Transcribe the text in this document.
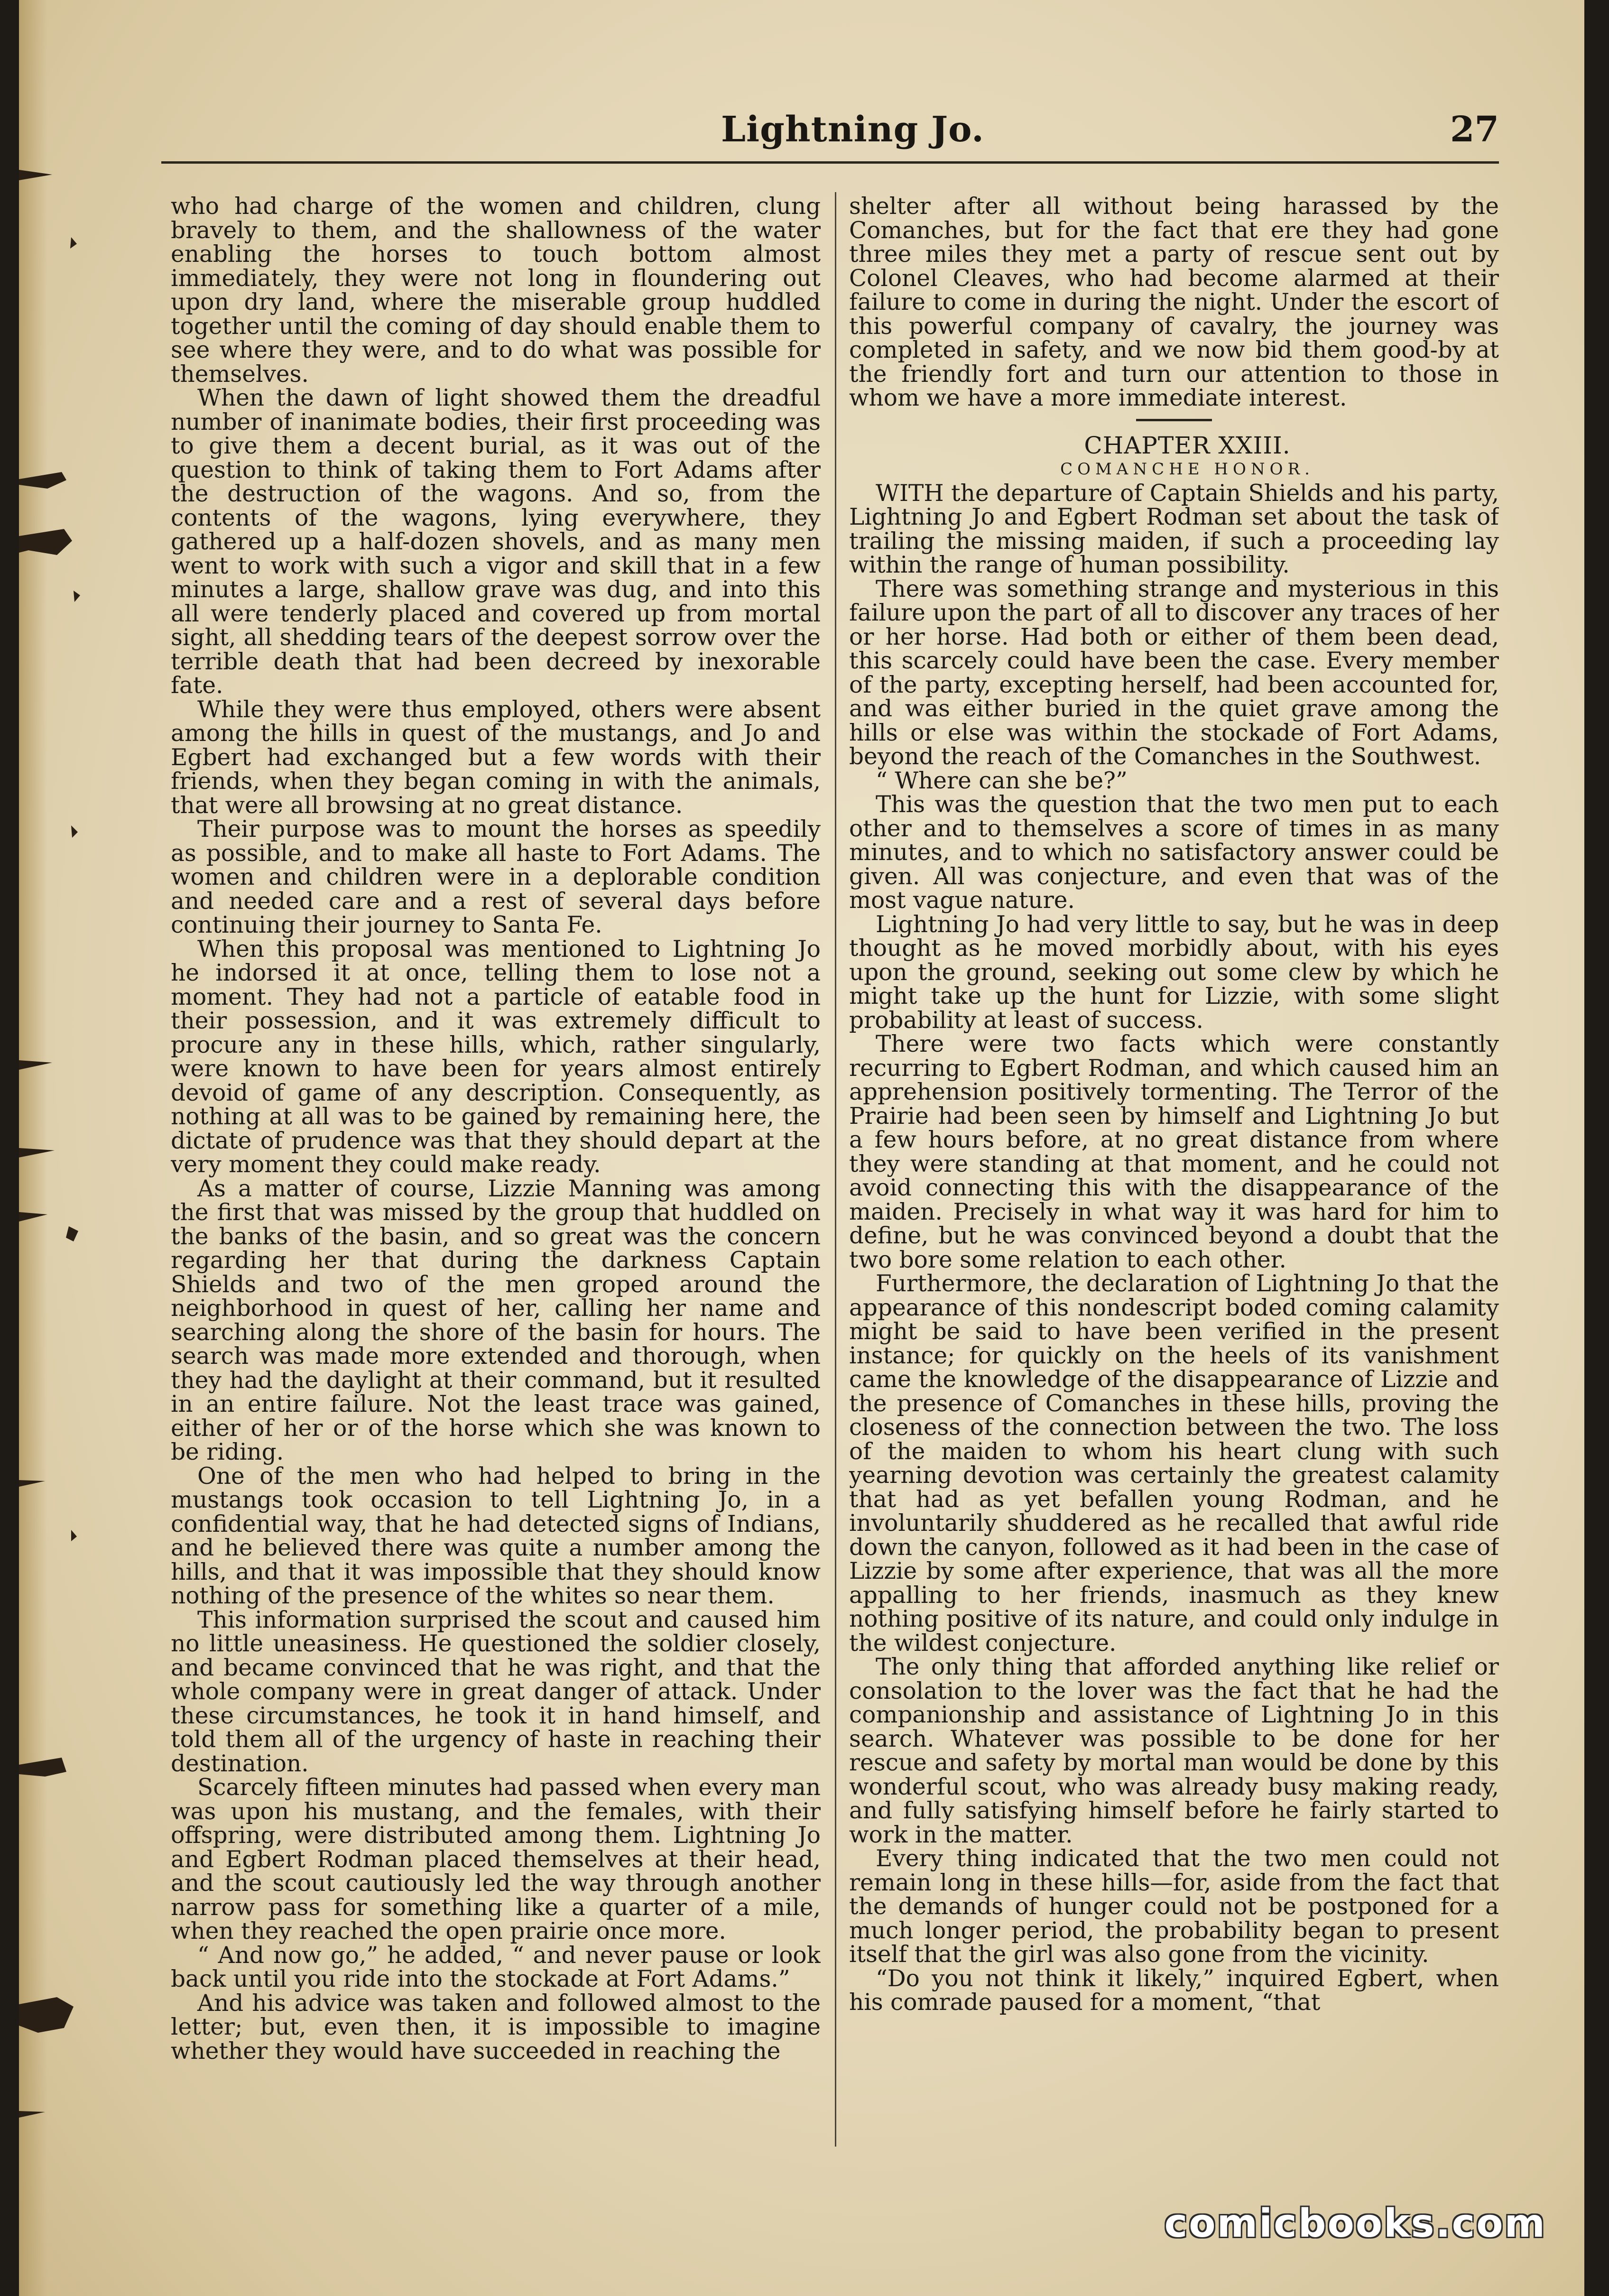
Lightning Jo.	27

who had charge of the women and children, clung bravely to them, and the shallowness of the water enabling the horses to touch bottom almost immediately, they were not long in floundering out upon dry land, where the miserable group huddled together until the coming of day should enable them to see where they were, and to do what was possible for themselves.

When the dawn of light showed them the dreadful number of inanimate bodies, their first proceeding was to give them a decent burial, as it was out of the question to think of taking them to Fort Adams after the destruction of the wagons. And so, from the contents of the wagons, lying everywhere, they gathered up a half-dozen shovels, and as many men went to work with such a vigor and skill that in a few minutes a large, shallow grave was dug, and into this all were tenderly placed and covered up from mortal sight, all shedding tears of the deepest sorrow over the terrible death that had been decreed by inexorable fate.

While they were thus employed, others were absent among the hills in quest of the mustangs, and Jo and Egbert had exchanged but a few words with their friends, when they began coming in with the animals, that were all browsing at no great distance.

Their purpose was to mount the horses as speedily as possible, and to make all haste to Fort Adams. The women and children were in a deplorable condition and needed care and a rest of several days before continuing their journey to Santa Fe.

When this proposal was mentioned to Lightning Jo he indorsed it at once, telling them to lose not a moment. They had not a particle of eatable food in their possession, and it was extremely difficult to procure any in these hills, which, rather singularly, were known to have been for years almost entirely devoid of game of any description. Consequently, as nothing at all was to be gained by remaining here, the dictate of prudence was that they should depart at the very moment they could make ready.

As a matter of course, Lizzie Manning was among the first that was missed by the group that huddled on the banks of the basin, and so great was the concern regarding her that during the darkness Captain Shields and two of the men groped around the neighborhood in quest of her, calling her name and searching along the shore of the basin for hours. The search was made more extended and thorough, when they had the daylight at their command, but it resulted in an entire failure. Not the least trace was gained, either of her or of the horse which she was known to be riding.

One of the men who had helped to bring in the mustangs took occasion to tell Lightning Jo, in a confidential way, that he had detected signs of Indians, and he believed there was quite a number among the hills, and that it was impossible that they should know nothing of the presence of the whites so near them.

This information surprised the scout and caused him no little uneasiness. He questioned the soldier closely, and became convinced that he was right, and that the whole company were in great danger of attack. Under these circumstances, he took it in hand himself, and told them all of the urgency of haste in reaching their destination.

Scarcely fifteen minutes had passed when every man was upon his mustang, and the females, with their offspring, were distributed among them. Lightning Jo and Egbert Rodman placed themselves at their head, and the scout cautiously led the way through another narrow pass for something like a quarter of a mile, when they reached the open prairie once more.

“ And now go,” he added, “ and never pause or look back until you ride into the stockade at Fort Adams.”

And his advice was taken and followed almost to the letter; but, even then, it is impossible to imagine whether they would have succeeded in reaching the

shelter after all without being harassed by the Comanches, but for the fact that ere they had gone three miles they met a party of rescue sent out by Colonel Cleaves, who had become alarmed at their failure to come in during the night. Under the escort of this powerful company of cavalry, the journey was completed in safety, and we now bid them good-by at the friendly fort and turn our attention to those in whom we have a more immediate interest.

CHAPTER XXIII.

COMANCHE HONOR.

WITH the departure of Captain Shields and his party, Lightning Jo and Egbert Rodman set about the task of trailing the missing maiden, if such a proceeding lay within the range of human possibility.

There was something strange and mysterious in this failure upon the part of all to discover any traces of her or her horse. Had both or either of them been dead, this scarcely could have been the case. Every member of the party, excepting herself, had been accounted for, and was either buried in the quiet grave among the hills or else was within the stockade of Fort Adams, beyond the reach of the Comanches in the Southwest.

“ Where can she be?”

This was the question that the two men put to each other and to themselves a score of times in as many minutes, and to which no satisfactory answer could be given. All was conjecture, and even that was of the most vague nature.

Lightning Jo had very little to say, but he was in deep thought as he moved morbidly about, with his eyes upon the ground, seeking out some clew by which he might take up the hunt for Lizzie, with some slight probability at least of success.

There were two facts which were constantly recurring to Egbert Rodman, and which caused him an apprehension positively tormenting. The Terror of the Prairie had been seen by himself and Lightning Jo but a few hours before, at no great distance from where they were standing at that moment, and he could not avoid connecting this with the disappearance of the maiden. Precisely in what way it was hard for him to define, but he was convinced beyond a doubt that the two bore some relation to each other.

Furthermore, the declaration of Lightning Jo that the appearance of this nondescript boded coming calamity might be said to have been verified in the present instance; for quickly on the heels of its vanishment came the knowledge of the disappearance of Lizzie and the presence of Comanches in these hills, proving the closeness of the connection between the two. The loss of the maiden to whom his heart clung with such yearning devotion was certainly the greatest calamity that had as yet befallen young Rodman, and he involuntarily shuddered as he recalled that awful ride down the canyon, followed as it had been in the case of Lizzie by some after experience, that was all the more appalling to her friends, inasmuch as they knew nothing positive of its nature, and could only indulge in the wildest conjecture.

The only thing that afforded anything like relief or consolation to the lover was the fact that he had the companionship and assistance of Lightning Jo in this search. Whatever was possible to be done for her rescue and safety by mortal man would be done by this wonderful scout, who was already busy making ready, and fully satisfying himself before he fairly started to work in the matter.

Every thing indicated that the two men could not remain long in these hills—for, aside from the fact that the demands of hunger could not be postponed for a much longer period, the probability began to present itself that the girl was also gone from the vicinity.

“Do you not think it likely,” inquired Egbert, when his comrade paused for a moment, “that

comicbooks.com
